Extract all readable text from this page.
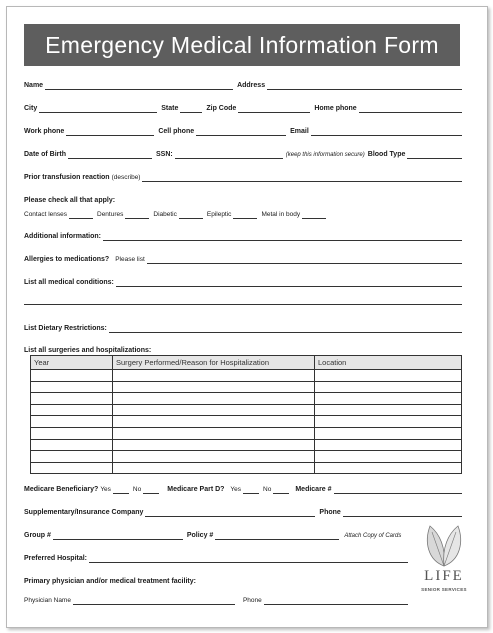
Emergency Medical Information Form
Name	Address
City	State	Zip Code	Home phone
Work phone	Cell phone	Email
Date of Birth	SSN:	(keep this information secure) Blood Type
Prior transfusion reaction (describe)
Please check all that apply:
Contact lenses	Dentures	Diabetic	Epileptic	Metal in body
Additional information:
Allergies to medications? Please list
List all medical conditions:
List Dietary Restrictions:
List all surgeries and hospitalizations:
Year	Surgery Performed/Reason for Hospitalization	Location

Medicare Beneficiary? Yes	No	Medicare Part D? Yes	No	Medicare #
Supplementary/Insurance Company	Phone
Group #	Policy #	Attach Copy of Cards
Preferred Hospital:
Primary physician and/or medical treatment facility:
Physician Name	Phone
LIFE
SENIOR SERVICES
